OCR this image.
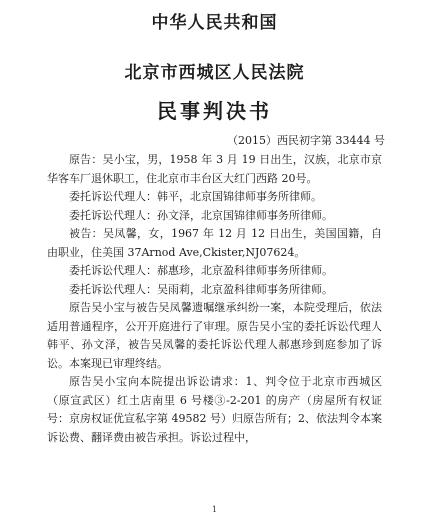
中华人民共和国
北京市西城区人民法院
民事判决书
（2015）西民初字第 33444 号

原告：吴小宝，男，1958 年 3 月 19 日出生，汉族，北京市京华客车厂退休职工，住北京市丰台区大红门西路 20号。

委托诉讼代理人：韩平，北京国锦律师事务所律师。

委托诉讼代理人：孙文泽，北京国锦律师事务所律师。

被告：吴凤馨，女，1967 年 12 月 12 日出生，美国国籍，自由职业，住美国 37Arnod Ave,Ckister,NJ07624。

委托诉讼代理人：郝惠珍，北京盈科律师事务所律师。

委托诉讼代理人：吴雨莉，北京盈科律师事务所律师。

原告吴小宝与被告吴凤馨遗嘱继承纠纷一案，本院受理后，依法适用普通程序，公开开庭进行了审理。原告吴小宝的委托诉讼代理人韩平、孙文泽，被告吴凤馨的委托诉讼代理人郝惠珍到庭参加了诉讼。本案现已审理终结。

原告吴小宝向本院提出诉讼请求：1、判令位于北京市西城区（原宣武区）红土店南里 6 号楼③-2-201 的房产（房屋所有权证号：京房权证优宣私字第 49582 号）归原告所有；2、依法判令本案诉讼费、翻译费由被告承担。诉讼过程中，

1
